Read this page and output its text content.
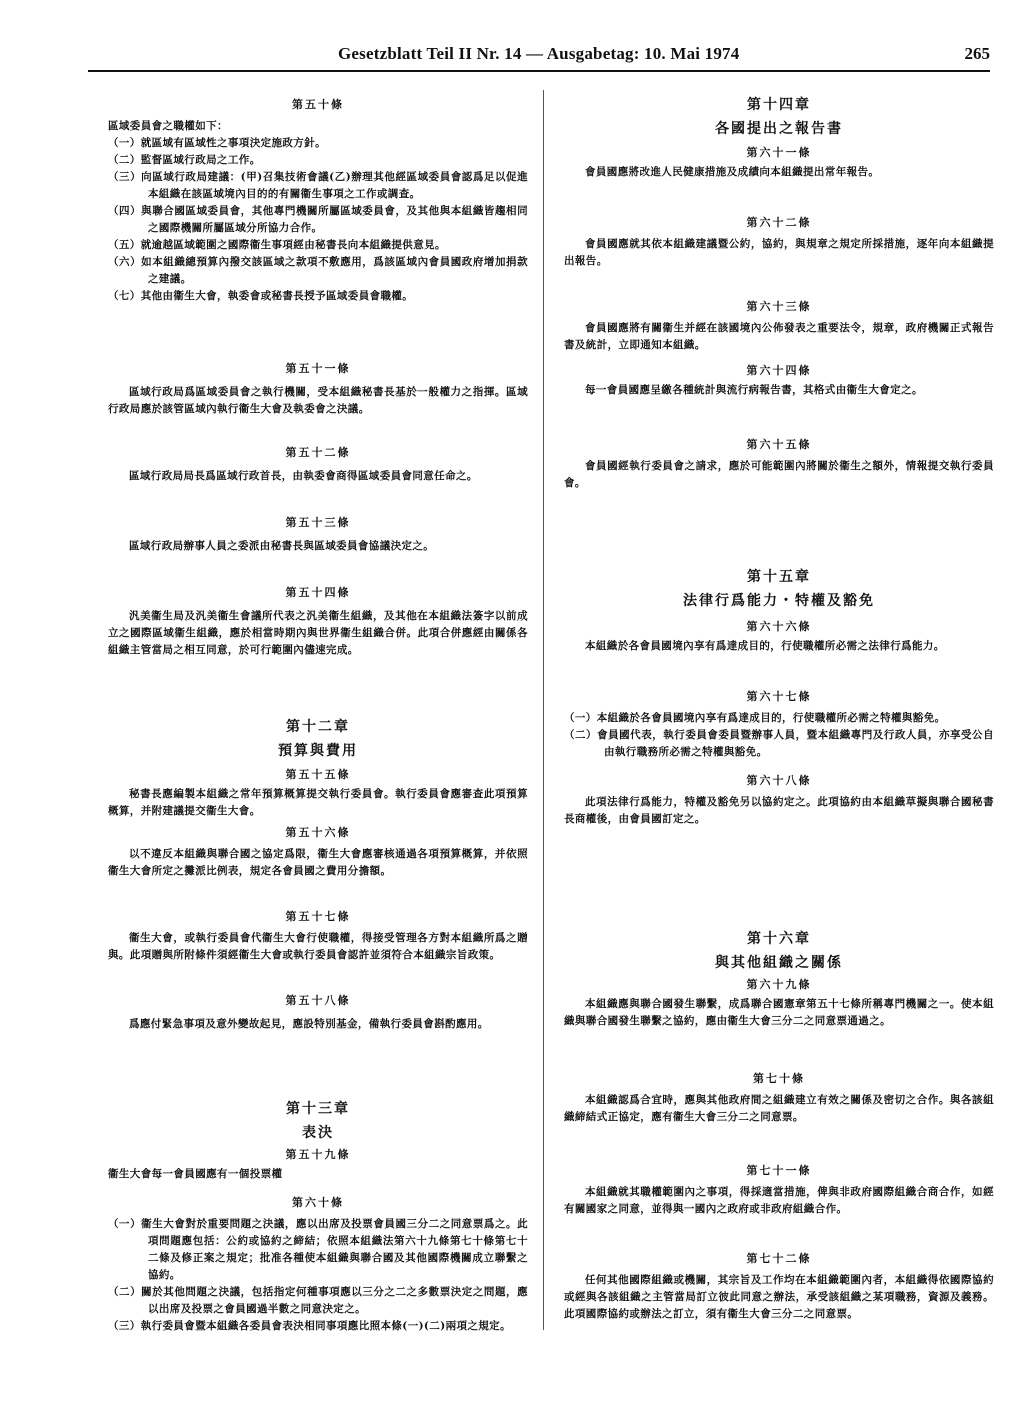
Gesetzblatt Teil II Nr. 14 — Ausgabetag: 10. Mai 1974	265
第五十條
區域委員會之職權如下：
（一）就區域有區域性之事項決定施政方針。
（二）監督區域行政局之工作。
（三）向區域行政局建議：(甲)召集技術會議(乙)辦理其他經區域委員會認爲足以促進本組織在該區域境內目的的有關衞生事項之工作或調查。
（四）與聯合國區域委員會，其他專門機關所屬區域委員會，及其他與本組織皆趨相同之國際機關所屬區域分所協力合作。
（五）就逾越區域範圍之國際衞生事項經由秘書長向本組織提供意見。
（六）如本組織總預算內撥交該區域之款項不敷應用，爲該區域內會員國政府增加捐款之建議。
（七）其他由衞生大會，執委會或秘書長授予區域委員會職權。
第五十一條
區域行政局爲區域委員會之執行機關，受本組織秘書長基於一般權力之指揮。區域行政局應於該管區域內執行衞生大會及執委會之決議。
第五十二條
區域行政局局長爲區域行政首長，由執委會商得區域委員會同意任命之。
第五十三條
區域行政局辦事人員之委派由秘書長與區域委員會協議決定之。
第五十四條
汎美衞生局及汎美衞生會議所代表之汎美衞生組織，及其他在本組織法簽字以前成立之國際區域衞生組織，應於相當時期內與世界衞生組織合併。此項合併應經由關係各組織主管當局之相互同意，於可行範圍內儘速完成。
第十二章
預算與費用
第五十五條
秘書長應編製本組織之常年預算概算提交執行委員會。執行委員會應審查此項預算概算，并附建議提交衞生大會。
第五十六條
以不違反本組織與聯合國之協定爲限，衞生大會應審核通過各項預算概算，并依照衞生大會所定之攤派比例表，規定各會員國之費用分擔額。
第五十七條
衞生大會，或執行委員會代衞生大會行使職權，得接受管理各方對本組織所爲之贈與。此項贈與所附條件須經衞生大會或執行委員會認許並須符合本組織宗旨政策。
第五十八條
爲應付緊急事項及意外變故起見，應設特別基金，備執行委員會斟酌應用。
第十三章
表決
第五十九條
衞生大會每一會員國應有一個投票權
第六十條
（一）衞生大會對於重要問題之決議，應以出席及投票會員國三分二之同意票爲之。此項問題應包括：公約或協約之締結；依照本組織法第六十九條第七十條第七十二條及修正案之規定；批准各種使本組織與聯合國及其他國際機關成立聯繫之協約。
（二）關於其他問題之決議，包括指定何種事項應以三分之二之多數票決定之問題，應以出席及投票之會員國過半數之同意決定之。
（三）執行委員會暨本組織各委員會表決相同事項應比照本條(一)(二)兩項之規定。
第十四章
各國提出之報告書
第六十一條
會員國應將改進人民健康措施及成績向本組織提出常年報告。
第六十二條
會員國應就其依本組織建議暨公約，協約，與規章之規定所採措施，逐年向本組織提出報告。
第六十三條
會員國應將有關衞生并經在該國境內公佈發表之重要法令，規章，政府機關正式報告書及統計，立即通知本組織。
第六十四條
每一會員國應呈繳各種統計與流行病報告書，其格式由衞生大會定之。
第六十五條
會員國經執行委員會之請求，應於可能範圍內將關於衞生之額外，情報提交執行委員會。
第十五章
法律行爲能力・特權及豁免
第六十六條
本組織於各會員國境內享有爲達成目的，行使職權所必需之法律行爲能力。
第六十七條
（一）本組織於各會員國境內享有爲達成目的，行使職權所必需之特權與豁免。
（二）會員國代表，執行委員會委員暨辦事人員，暨本組織專門及行政人員，亦享受公自由執行職務所必需之特權與豁免。
第六十八條
此項法律行爲能力，特權及豁免另以協約定之。此項協約由本組織草擬與聯合國秘書長商權後，由會員國訂定之。
第十六章
與其他組織之關係
第六十九條
本組織應與聯合國發生聯繫，成爲聯合國憲章第五十七條所稱專門機關之一。使本組織與聯合國發生聯繫之協約，應由衞生大會三分二之同意票通過之。
第七十條
本組織認爲合宜時，應與其他政府間之組織建立有效之關係及密切之合作。與各該組織締結式正協定，應有衞生大會三分二之同意票。
第七十一條
本組織就其職權範圍內之事項，得採適當措施，俾與非政府國際組織合商合作，如經有關國家之同意，並得與一國內之政府或非政府組織合作。
第七十二條
任何其他國際組織或機關，其宗旨及工作均在本組織範圍內者，本組織得依國際協約或經與各該組織之主管當局訂立彼此同意之辦法，承受該組織之某項職務，資源及義務。此項國際協約或辦法之訂立，須有衞生大會三分二之同意票。
